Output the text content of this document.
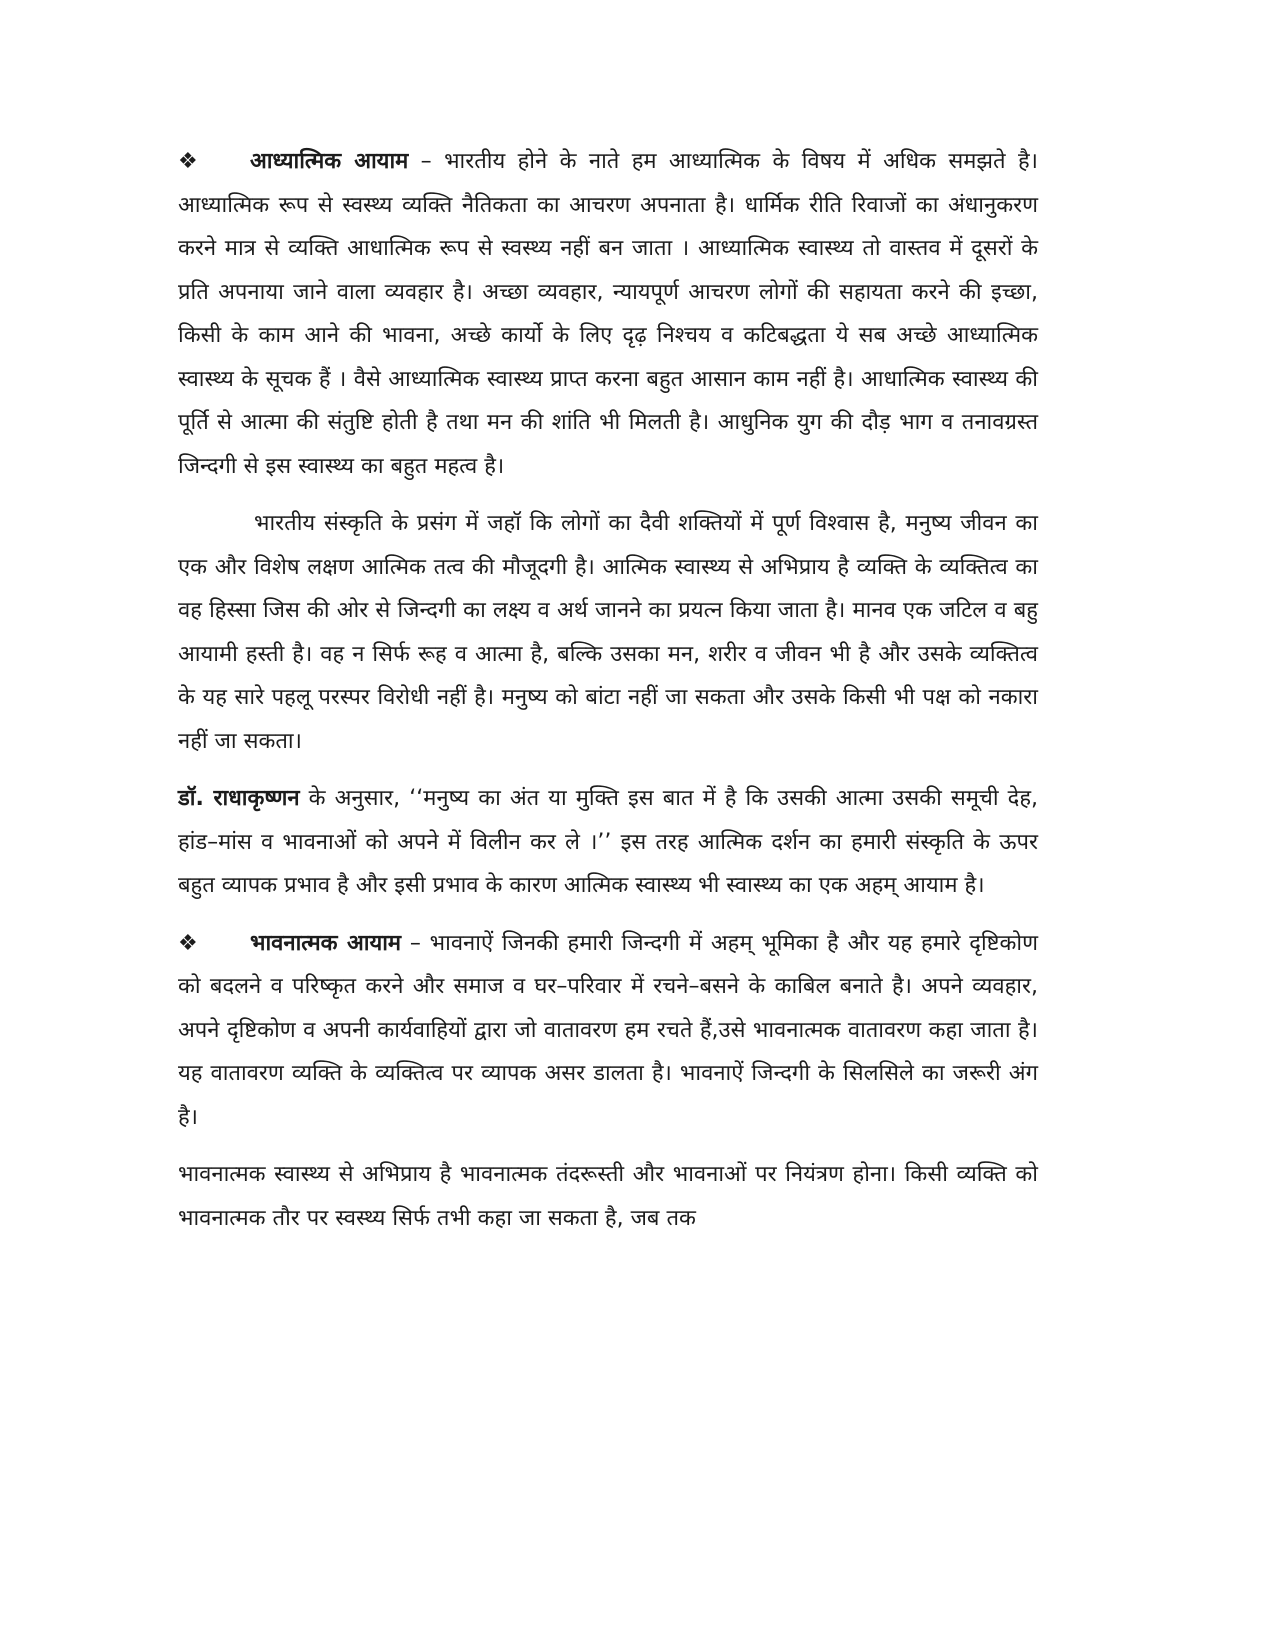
❖ आध्यात्मिक आयाम – भारतीय होने के नाते हम आध्यात्मिक के विषय में अधिक समझते है। आध्यात्मिक रूप से स्वस्थ्य व्यक्ति नैतिकता का आचरण अपनाता है। धार्मिक रीति रिवाजों का अंधानुकरण करने मात्र से व्यक्ति आधात्मिक रूप से स्वस्थ्य नहीं बन जाता । आध्यात्मिक स्वास्थ्य तो वास्तव में दूसरों के प्रति अपनाया जाने वाला व्यवहार है। अच्छा व्यवहार, न्यायपूर्ण आचरण लोगों की सहायता करने की इच्छा, किसी के काम आने की भावना, अच्छे कार्यो के लिए दृढ़ निश्चय व कटिबद्धता ये सब अच्छे आध्यात्मिक स्वास्थ्य के सूचक हैं । वैसे आध्यात्मिक स्वास्थ्य प्राप्त करना बहुत आसान काम नहीं है। आधात्मिक स्वास्थ्य की पूर्ति से आत्मा की संतुष्टि होती है तथा मन की शांति भी मिलती है। आधुनिक युग की दौड़ भाग व तनावग्रस्त जिन्दगी से इस स्वास्थ्य का बहुत महत्व है।

भारतीय संस्कृति के प्रसंग में जहॉ कि लोगों का दैवी शक्तियों में पूर्ण विश्वास है, मनुष्य जीवन का एक और विशेष लक्षण आत्मिक तत्व की मौजूदगी है। आत्मिक स्वास्थ्य से अभिप्राय है व्यक्ति के व्यक्तित्व का वह हिस्सा जिस की ओर से जिन्दगी का लक्ष्य व अर्थ जानने का प्रयत्न किया जाता है। मानव एक जटिल व बहु आयामी हस्ती है। वह न सिर्फ रूह व आत्मा है, बल्कि उसका मन, शरीर व जीवन भी है और उसके व्यक्तित्व के यह सारे पहलू परस्पर विरोधी नहीं है। मनुष्य को बांटा नहीं जा सकता और उसके किसी भी पक्ष को नकारा नहीं जा सकता।

डॉ. राधाकृष्णन के अनुसार, ‘‘मनुष्य का अंत या मुक्ति इस बात में है कि उसकी आत्मा उसकी समूची देह, हांड–मांस व भावनाओं को अपने में विलीन कर ले ।’’ इस तरह आत्मिक दर्शन का हमारी संस्कृति के ऊपर बहुत व्यापक प्रभाव है और इसी प्रभाव के कारण आत्मिक स्वास्थ्य भी स्वास्थ्य का एक अहम् आयाम है।

❖ भावनात्मक आयाम – भावनाऐं जिनकी हमारी जिन्दगी में अहम् भूमिका है और यह हमारे दृष्टिकोण को बदलने व परिष्कृत करने और समाज व घर–परिवार में रचने–बसने के काबिल बनाते है। अपने व्यवहार, अपने दृष्टिकोण व अपनी कार्यवाहियों द्वारा जो वातावरण हम रचते हैं,उसे भावनात्मक वातावरण कहा जाता है। यह वातावरण व्यक्ति के व्यक्तित्व पर व्यापक असर डालता है। भावनाऐं जिन्दगी के सिलसिले का जरूरी अंग है।

भावनात्मक स्वास्थ्य से अभिप्राय है भावनात्मक तंदरूस्ती और भावनाओं पर नियंत्रण होना। किसी व्यक्ति को भावनात्मक तौर पर स्वस्थ्य सिर्फ तभी कहा जा सकता है, जब तक
